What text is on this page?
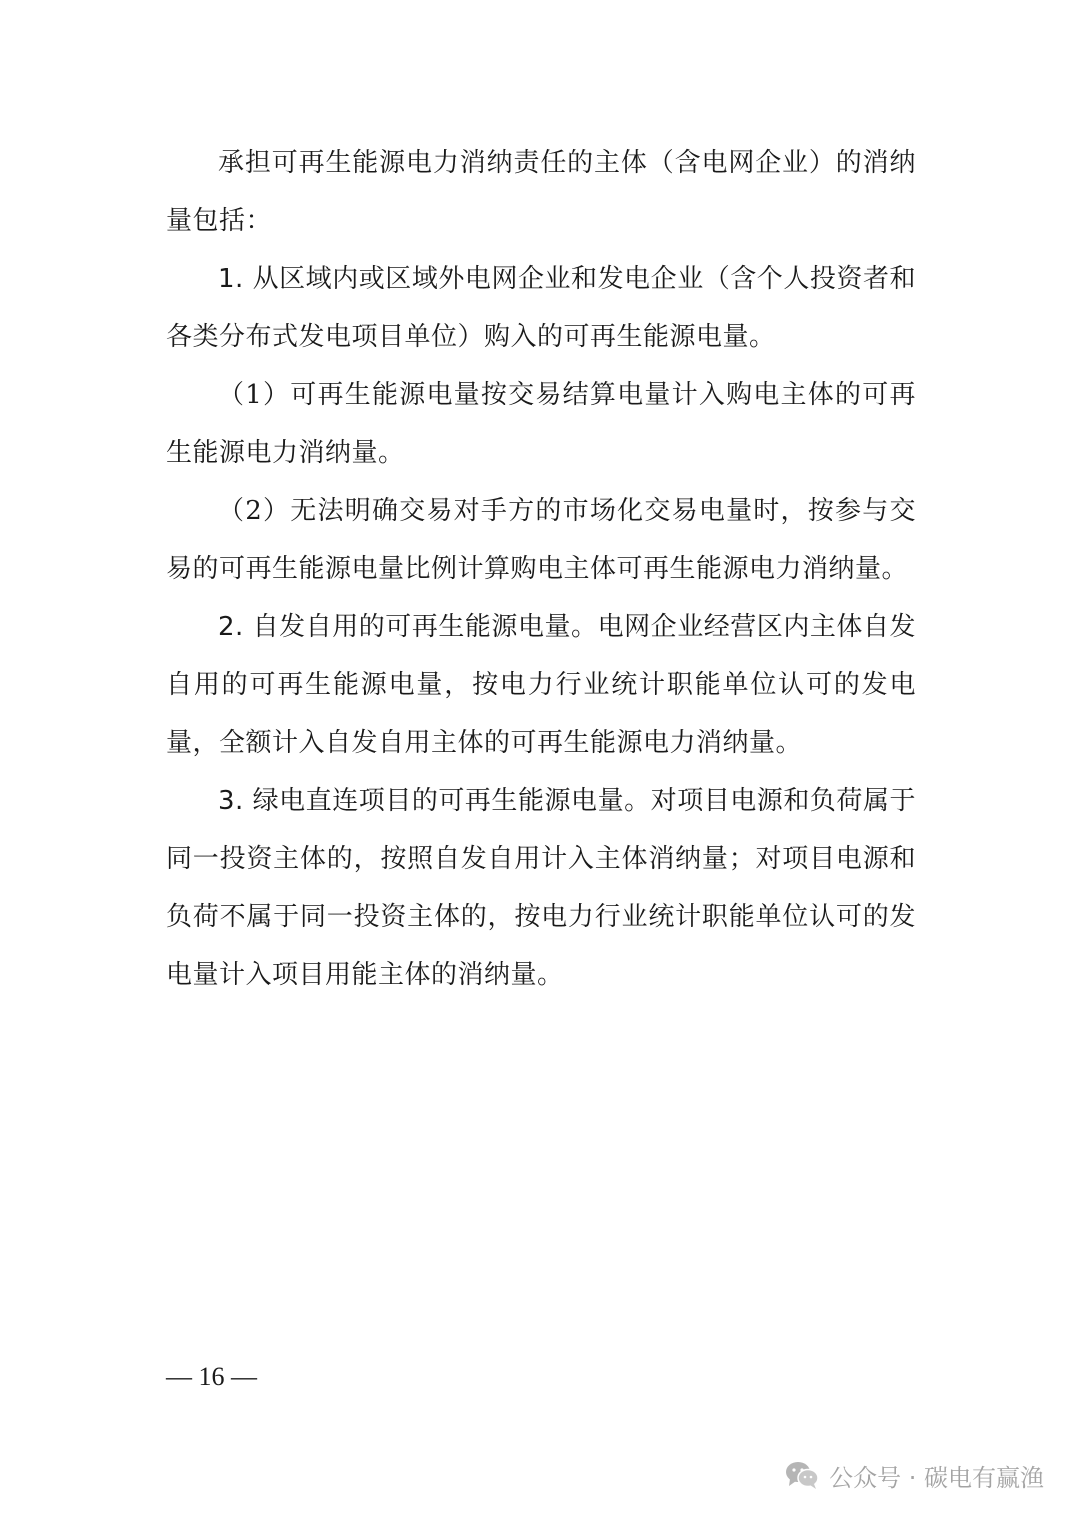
承担可再生能源电力消纳责任的主体（含电网企业）的消纳量包括：

1. 从区域内或区域外电网企业和发电企业（含个人投资者和各类分布式发电项目单位）购入的可再生能源电量。

（1）可再生能源电量按交易结算电量计入购电主体的可再生能源电力消纳量。

（2）无法明确交易对手方的市场化交易电量时，按参与交易的可再生能源电量比例计算购电主体可再生能源电力消纳量。

2. 自发自用的可再生能源电量。电网企业经营区内主体自发自用的可再生能源电量，按电力行业统计职能单位认可的发电量，全额计入自发自用主体的可再生能源电力消纳量。

3. 绿电直连项目的可再生能源电量。对项目电源和负荷属于同一投资主体的，按照自发自用计入主体消纳量；对项目电源和负荷不属于同一投资主体的，按电力行业统计职能单位认可的发电量计入项目用能主体的消纳量。

— 16 —
公众号 · 碳电有赢渔
